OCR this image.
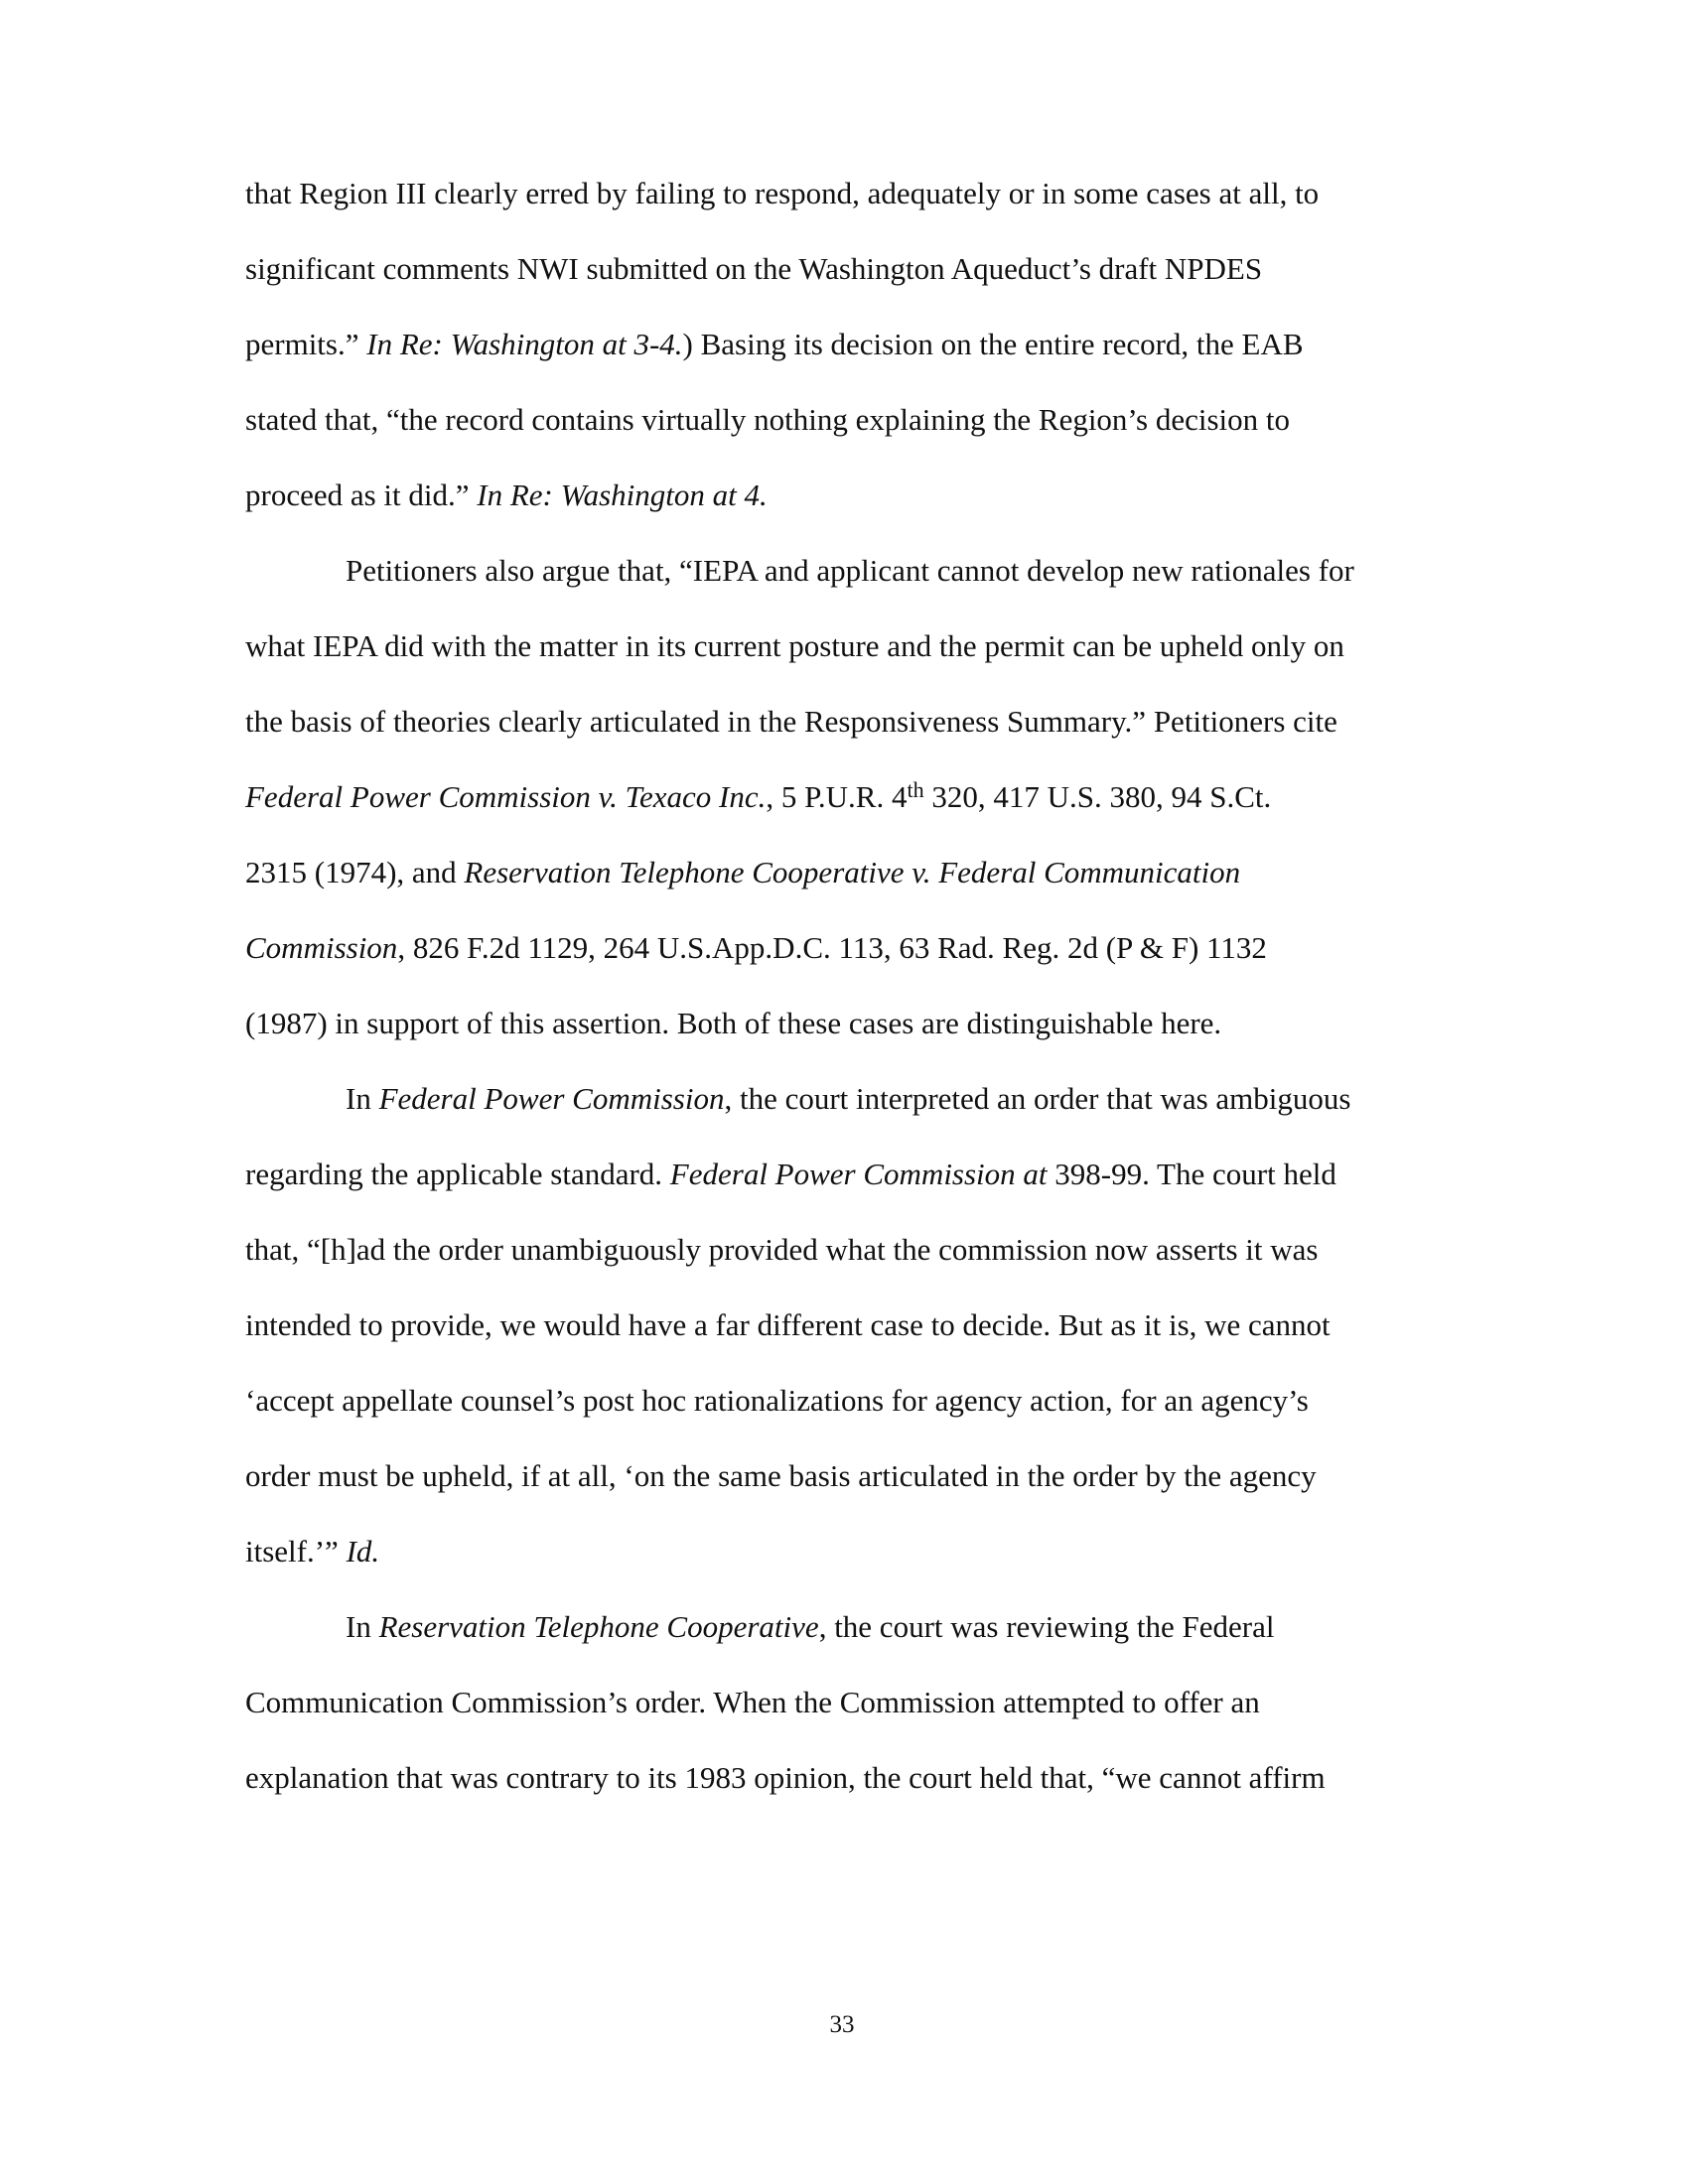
that Region III clearly erred by failing to respond, adequately or in some cases at all, to
significant comments NWI submitted on the Washington Aqueduct’s draft NPDES
permits.” In Re: Washington at 3-4.) Basing its decision on the entire record, the EAB
stated that, “the record contains virtually nothing explaining the Region’s decision to
proceed as it did.” In Re: Washington at 4.
Petitioners also argue that, “IEPA and applicant cannot develop new rationales for
what IEPA did with the matter in its current posture and the permit can be upheld only on
the basis of theories clearly articulated in the Responsiveness Summary.” Petitioners cite
Federal Power Commission v. Texaco Inc., 5 P.U.R. 4th 320, 417 U.S. 380, 94 S.Ct.
2315 (1974), and Reservation Telephone Cooperative v. Federal Communication
Commission, 826 F.2d 1129, 264 U.S.App.D.C. 113, 63 Rad. Reg. 2d (P & F) 1132
(1987) in support of this assertion. Both of these cases are distinguishable here.
In Federal Power Commission, the court interpreted an order that was ambiguous
regarding the applicable standard. Federal Power Commission at 398-99. The court held
that, “[h]ad the order unambiguously provided what the commission now asserts it was
intended to provide, we would have a far different case to decide. But as it is, we cannot
‘accept appellate counsel’s post hoc rationalizations for agency action, for an agency’s
order must be upheld, if at all, ‘on the same basis articulated in the order by the agency
itself.’” Id.
In Reservation Telephone Cooperative, the court was reviewing the Federal
Communication Commission’s order. When the Commission attempted to offer an
explanation that was contrary to its 1983 opinion, the court held that, “we cannot affirm
33
